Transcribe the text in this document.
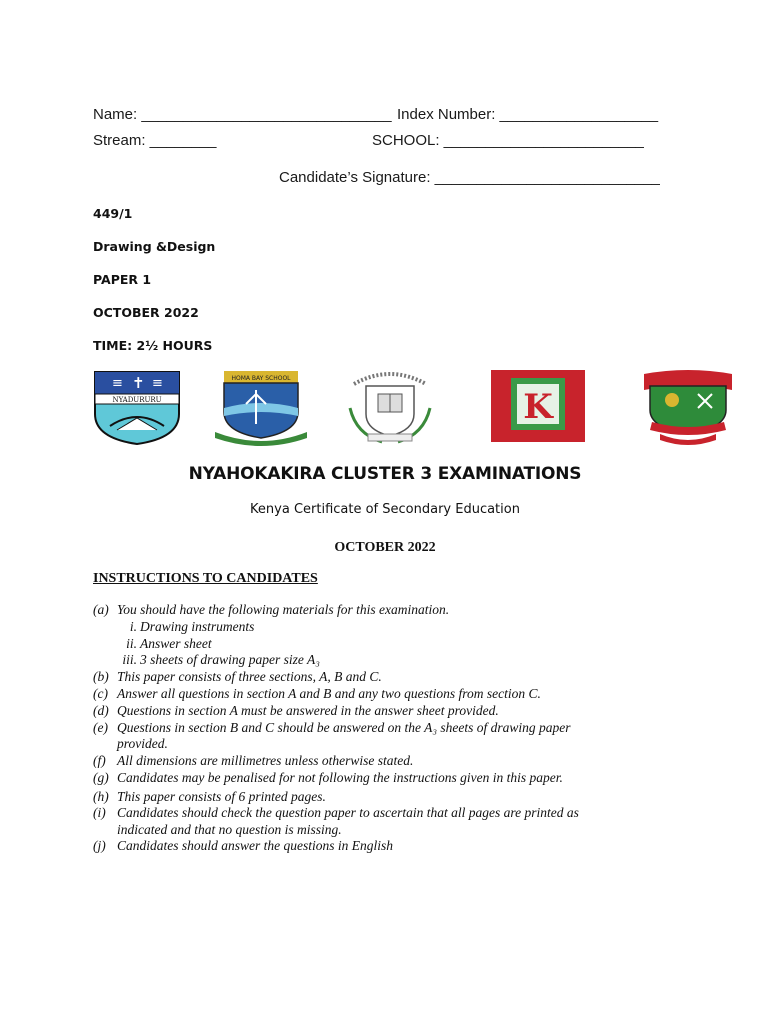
Name: ______________________________ Index Number: ___________________
Stream: ________	SCHOOL: ________________________
Candidate’s Signature: ___________________________
449/1
Drawing &Design
PAPER 1
OCTOBER 2022
TIME: 2½ HOURS
≡ ✝ ≡
NYADURURU
HOMA BAY SCHOOL
K
NYAHOKAKIRA CLUSTER 3 EXAMINATIONS
Kenya Certificate of Secondary Education
OCTOBER 2022
INSTRUCTIONS TO CANDIDATES
(a) You should have the following materials for this examination.
i. Drawing instruments
ii. Answer sheet
iii. 3 sheets of drawing paper size A₃
(b) This paper consists of three sections, A, B and C.
(c) Answer all questions in section A and B and any two questions from section C.
(d) Questions in section A must be answered in the answer sheet provided.
(e) Questions in section B and C should be answered on the A₃ sheets of drawing paper
provided.
(f) All dimensions are millimetres unless otherwise stated.
(g) Candidates may be penalised for not following the instructions given in this paper.
(h) This paper consists of 6 printed pages.
(i) Candidates should check the question paper to ascertain that all pages are printed as
indicated and that no question is missing.
(j) Candidates should answer the questions in English
